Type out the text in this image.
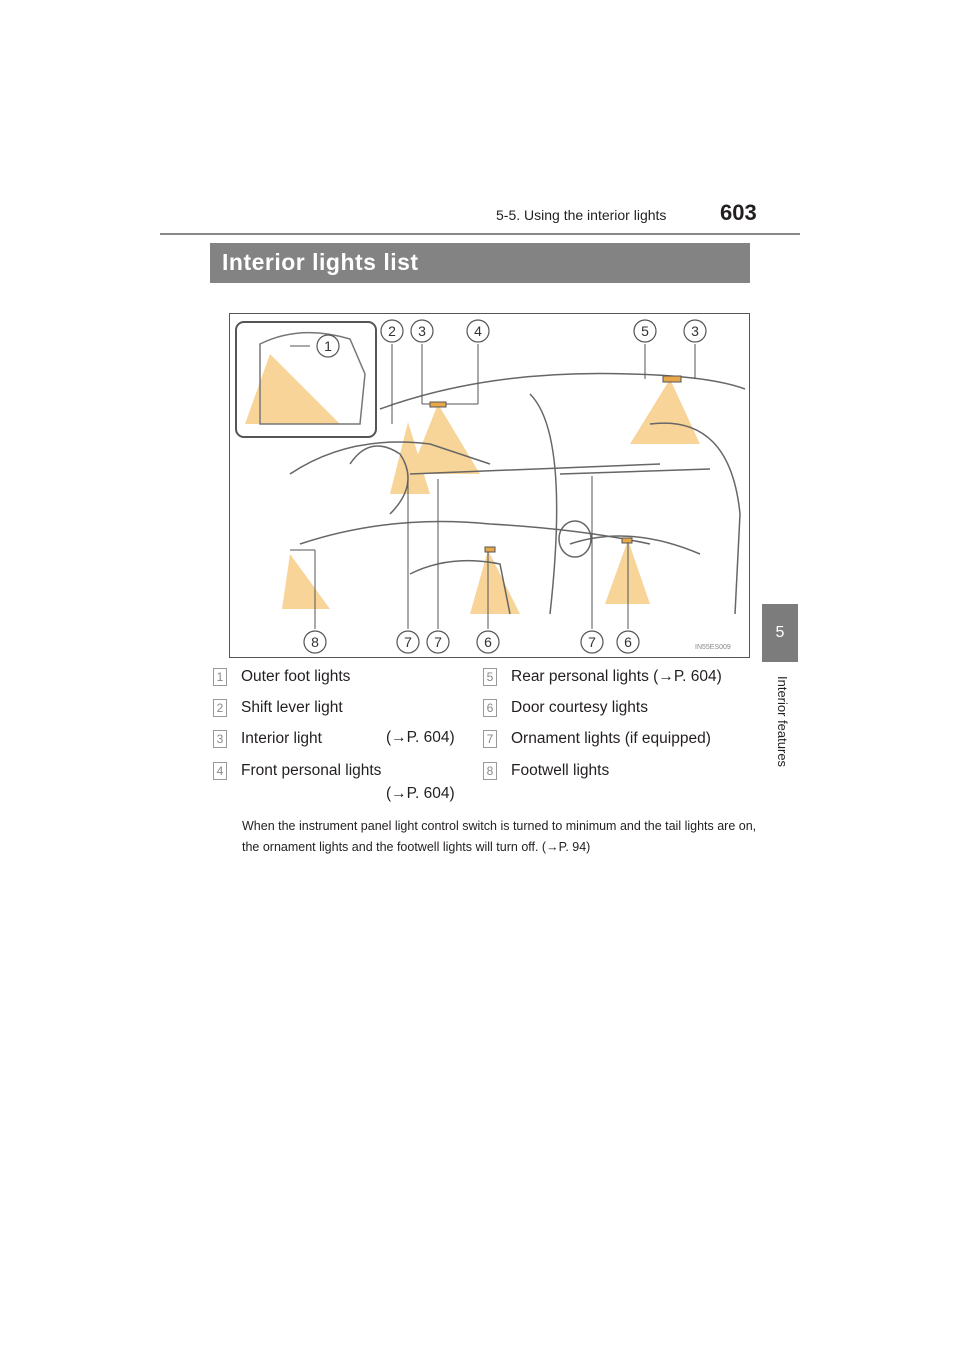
5-5. Using the interior lights 603
5
Interior features
Interior lights list
2 3	4	5	3
1
8	7 7	6	7 6	IN55ES009
1 Outer foot lights
2 Shift lever light
3 Interior light	(→P. 604)
4 Front personal lights
(→P. 604)
5 Rear personal lights (→P. 604)
6 Door courtesy lights
7 Ornament lights (if equipped)
8 Footwell lights
When the instrument panel light control switch is turned to minimum and the tail lights are on, the ornament lights and the footwell lights will turn off. (→P. 94)
